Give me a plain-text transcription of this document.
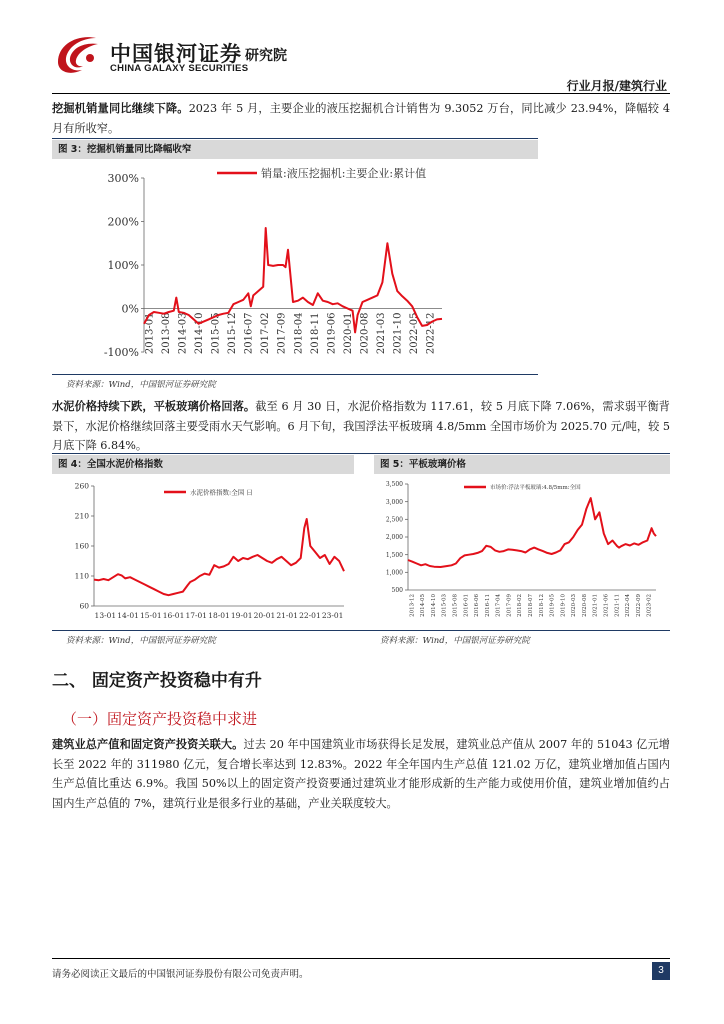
中国银河证券
CHINA GALAXY SECURITIES
研究院
行业月报/建筑行业
挖掘机销量同比继续下降。2023 年 5 月，主要企业的液压挖掘机合计销售为 9.3052 万台，同比减少 23.94%，降幅较 4 月有所收窄。
图 3：挖掘机销量同比降幅收窄
300%
200%
100%
0%
-100% 2013-01 2013-08 2014-03 2014-10 2015-05 2015-12 2016-07 2017-02 2017-09 2018-04 2018-11 2019-06 2020-01 2020-08 2021-03 2021-10 2022-05 2022-12
销量:液压挖掘机:主要企业:累计值
资料来源：Wind，中国银河证券研究院
水泥价格持续下跌，平板玻璃价格回落。截至 6 月 30 日，水泥价格指数为 117.61，较 5 月底下降 7.06%，需求弱平衡背景下，水泥价格继续回落主要受雨水天气影响。6 月下旬，我国浮法平板玻璃 4.8/5mm 全国市场价为 2025.70 元/吨，较 5 月底下降 6.84%。
图 4：全国水泥价格指数	图 5：平板玻璃价格
260
210
160
110
60
13-01 14-01 15-01 16-01 17-01 18-01 19-01 20-01 21-01 22-01 23-01
水泥价格指数:全国 日
3,500
3,000
2,500
2,000
1,500
1,000
500
2013-12 2014-05 2014-10 2015-03 2015-08 2016-01 2016-06 2016-11 2017-04 2017-09 2018-02 2018-07 2018-12 2019-05 2019-10 2020-03 2020-08 2021-01 2021-06 2021-11 2022-04 2022-09 2023-02
市场价:浮法平板玻璃:4.8/5mm:全国
资料来源：Wind，中国银河证券研究院	资料来源：Wind，中国银河证券研究院
二、 固定资产投资稳中有升
（一）固定资产投资稳中求进
建筑业总产值和固定资产投资关联大。过去 20 年中国建筑业市场获得长足发展，建筑业总产值从 2007 年的 51043 亿元增长至 2022 年的 311980 亿元，复合增长率达到 12.83%。2022 年全年国内生产总值 121.02 万亿，建筑业增加值占国内生产总值比重达 6.9%。我国 50%以上的固定资产投资要通过建筑业才能形成新的生产能力或使用价值，建筑业增加值约占国内生产总值的 7%，建筑行业是很多行业的基础，产业关联度较大。
请务必阅读正文最后的中国银河证券股份有限公司免责声明。	3
